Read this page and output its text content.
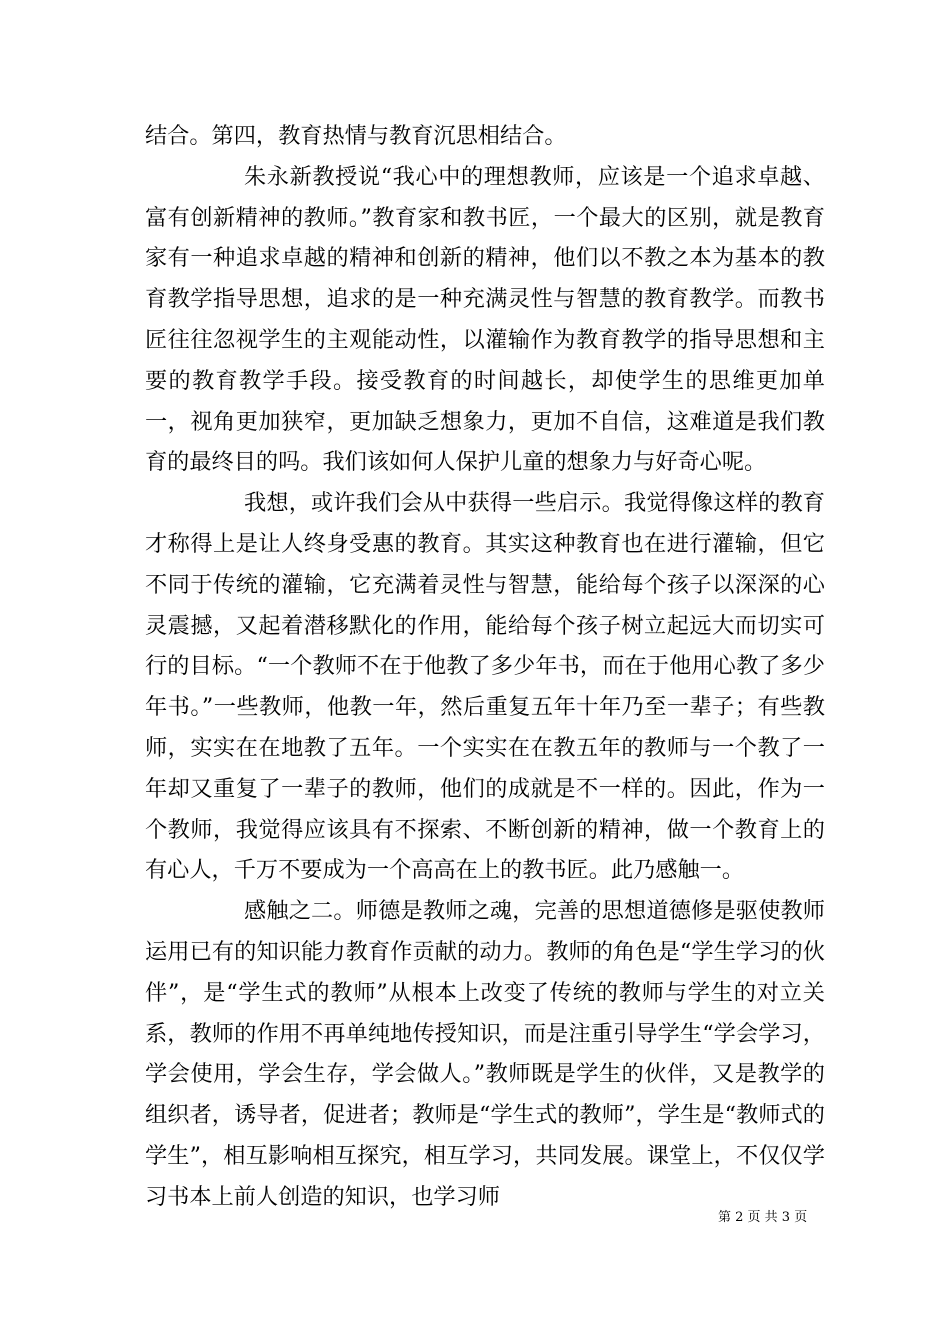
结合。第四，教育热情与教育沉思相结合。

朱永新教授说“我心中的理想教师，应该是一个追求卓越、富有创新精神的教师。”教育家和教书匠，一个最大的区别，就是教育家有一种追求卓越的精神和创新的精神，他们以不教之本为基本的教育教学指导思想，追求的是一种充满灵性与智慧的教育教学。而教书匠往往忽视学生的主观能动性，以灌输作为教育教学的指导思想和主要的教育教学手段。接受教育的时间越长，却使学生的思维更加单一，视角更加狭窄，更加缺乏想象力，更加不自信，这难道是我们教育的最终目的吗。我们该如何人保护儿童的想象力与好奇心呢。

我想，或许我们会从中获得一些启示。我觉得像这样的教育才称得上是让人终身受惠的教育。其实这种教育也在进行灌输，但它不同于传统的灌输，它充满着灵性与智慧，能给每个孩子以深深的心灵震撼，又起着潜移默化的作用，能给每个孩子树立起远大而切实可行的目标。“一个教师不在于他教了多少年书，而在于他用心教了多少年书。”一些教师，他教一年，然后重复五年十年乃至一辈子；有些教师，实实在在地教了五年。一个实实在在教五年的教师与一个教了一年却又重复了一辈子的教师，他们的成就是不一样的。因此，作为一个教师，我觉得应该具有不探索、不断创新的精神，做一个教育上的有心人，千万不要成为一个高高在上的教书匠。此乃感触一。

感触之二。师德是教师之魂，完善的思想道德修是驱使教师运用已有的知识能力教育作贡献的动力。教师的角色是“学生学习的伙伴”，是“学生式的教师”从根本上改变了传统的教师与学生的对立关系，教师的作用不再单纯地传授知识，而是注重引导学生“学会学习，学会使用，学会生存，学会做人。”教师既是学生的伙伴，又是教学的组织者，诱导者，促进者；教师是“学生式的教师”，学生是“教师式的学生”，相互影响相互探究，相互学习，共同发展。课堂上，不仅仅学习书本上前人创造的知识，也学习师

第 2 页 共 3 页
